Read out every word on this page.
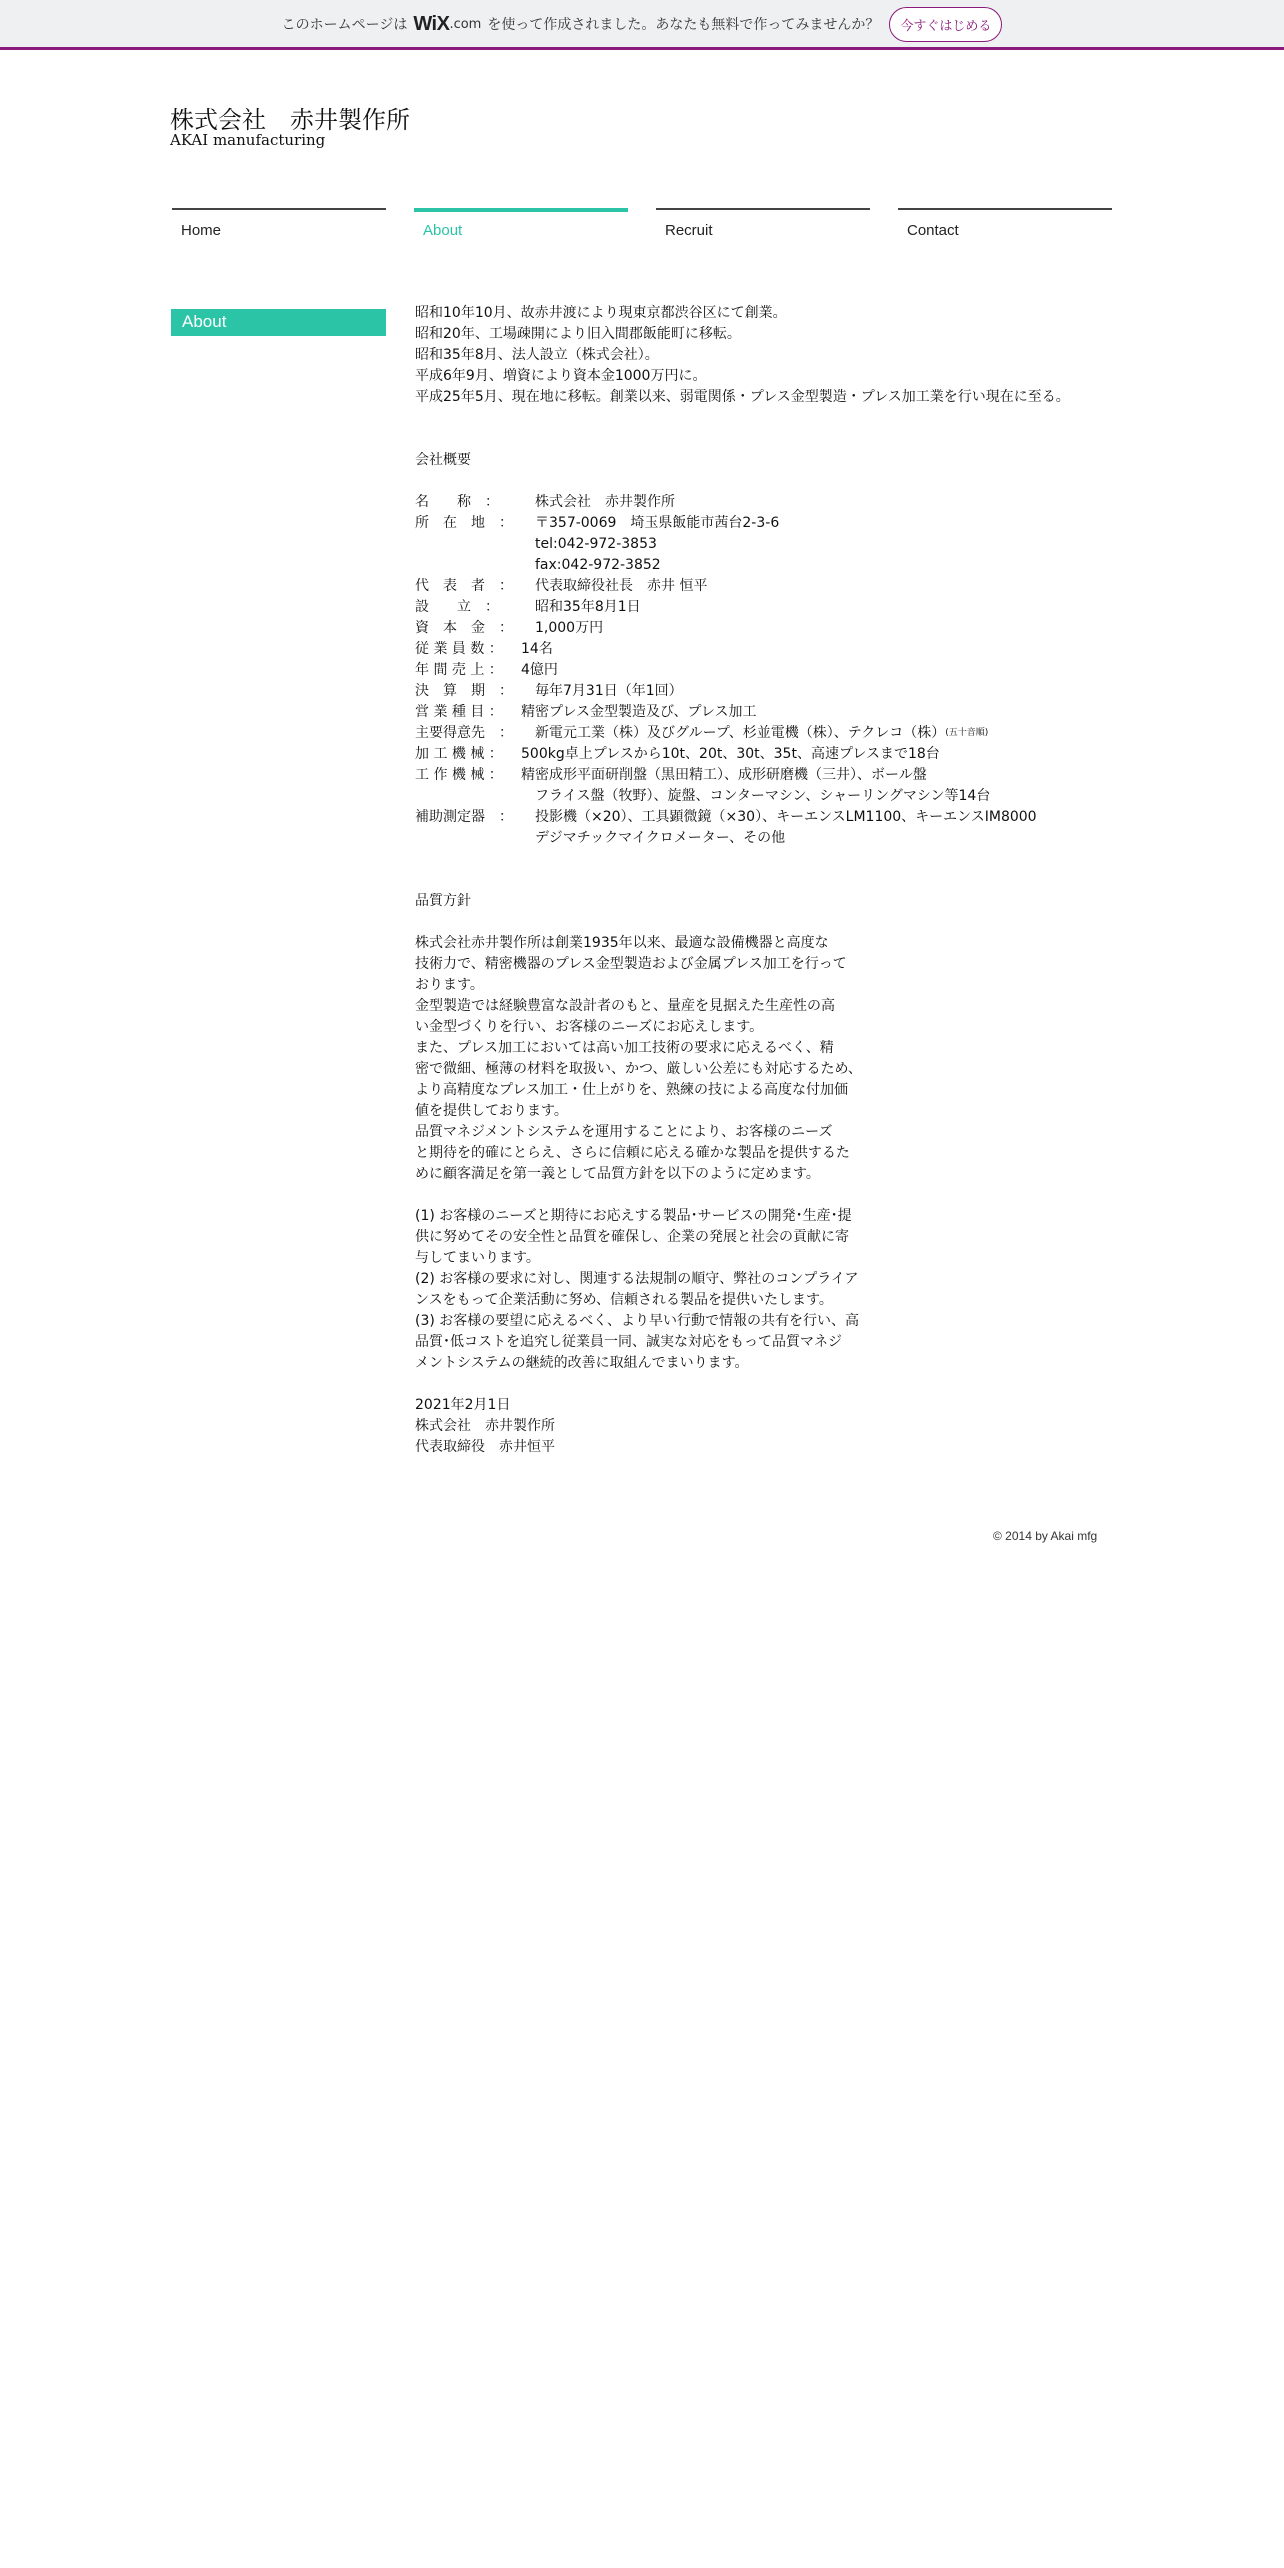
このホームページは WiX .com を使って作成されました。あなたも無料で作ってみませんか？	今すぐはじめる
株式会社　赤井製作所
AKAI manufacturing
Home	About	Recruit	Contact
About	昭和10年10月、故赤井渡により現東京都渋谷区にて創業。

昭和20年、工場疎開により旧入間郡飯能町に移転。

昭和35年8月、法人設立（株式会社）。

平成6年9月、増資により資本金1000万円に。

平成25年5月、現在地に移転。創業以来、弱電関係・プレス金型製造・プレス加工業を行い現在に至る。

会社概要

名　　称　：	株式会社　赤井製作所
所　在　地　：	〒357-0069　埼玉県飯能市茜台2-3-6
tel:042-972-3853
fax:042-972-3852
代　表　者　：	代表取締役社長　赤井 恒平
設　　立　：	昭和35年8月1日
資　本　金　：	1,000万円
従 業 員 数 ：	14名
年 間 売 上 ：	4億円
決　算　期　：	毎年7月31日（年1回）
営 業 種 目 ：	精密プレス金型製造及び、プレス加工
主要得意先　：	新電元工業（株）及びグループ、杉並電機（株）、テクレコ（株） (五十音順)
加 工 機 械 ：	500kg卓上プレスから10t、20t、30t、35t、高速プレスまで18台
工 作 機 械 ：	精密成形平面研削盤（黒田精工）、成形研磨機（三井）、ボール盤
フライス盤（牧野）、旋盤、コンターマシン、シャーリングマシン等14台
補助測定器　：	投影機（×20）、工具顕微鏡（×30）、キーエンスLM1100、キーエンスIM8000
デジマチックマイクロメーター、その他

品質方針

株式会社赤井製作所は創業1935年以来、最適な設備機器と高度な

技術力で、精密機器のプレス金型製造および金属プレス加工を行って

おります。

金型製造では経験豊富な設計者のもと、量産を見据えた生産性の高

い金型づくりを行い、お客様のニーズにお応えします。

また、プレス加工においては高い加工技術の要求に応えるべく、精

密で微細、極薄の材料を取扱い、かつ、厳しい公差にも対応するため、

より高精度なプレス加工・仕上がりを、熟練の技による高度な付加価

値を提供しております。

品質マネジメントシステムを運用することにより、お客様のニーズ

と期待を的確にとらえ、さらに信頼に応える確かな製品を提供するた

めに顧客満足を第一義として品質方針を以下のように定めます。

(1) お客様のニーズと期待にお応えする製品･サービスの開発･生産･提

供に努めてその安全性と品質を確保し、企業の発展と社会の貢献に寄

与してまいります。

(2) お客様の要求に対し、関連する法規制の順守、弊社のコンプライア

ンスをもって企業活動に努め、信頼される製品を提供いたします。

(3) お客様の要望に応えるべく、より早い行動で情報の共有を行い、高

品質･低コストを追究し従業員一同、誠実な対応をもって品質マネジ

メントシステムの継続的改善に取組んでまいります。

2021年2月1日

株式会社　赤井製作所

代表取締役　赤井恒平

© 2014 by Akai mfg
